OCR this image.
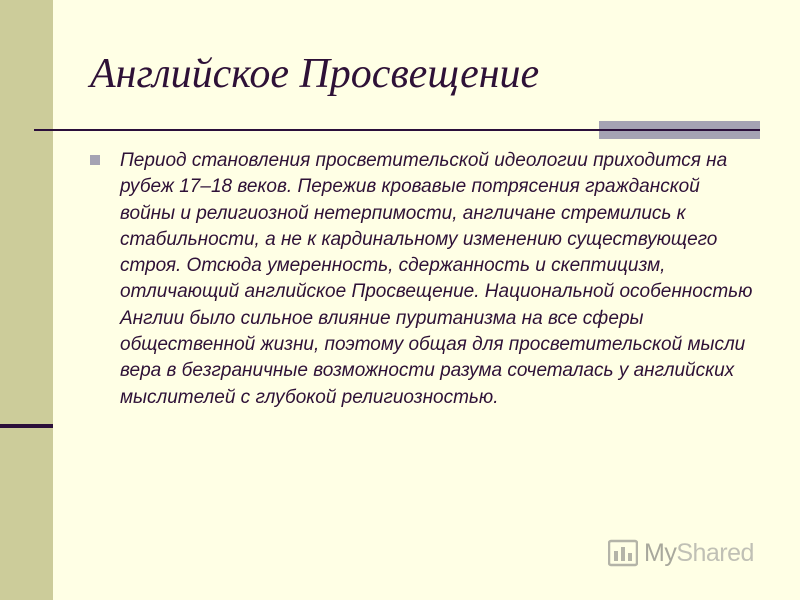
Английское Просвещение

Период становления просветительской идеологии приходится на рубеж 17–18 веков. Пережив кровавые потрясения гражданской войны и религиозной нетерпимости, англичане стремились к стабильности, а не к кардинальному изменению существующего строя. Отсюда умеренность, сдержанность и скептицизм, отличающий английское Просвещение. Национальной особенностью Англии было сильное влияние пуританизма на все сферы общественной жизни, поэтому общая для просветительской мысли вера в безграничные возможности разума сочеталась у английских мыслителей с глубокой религиозностью.

MyShared
